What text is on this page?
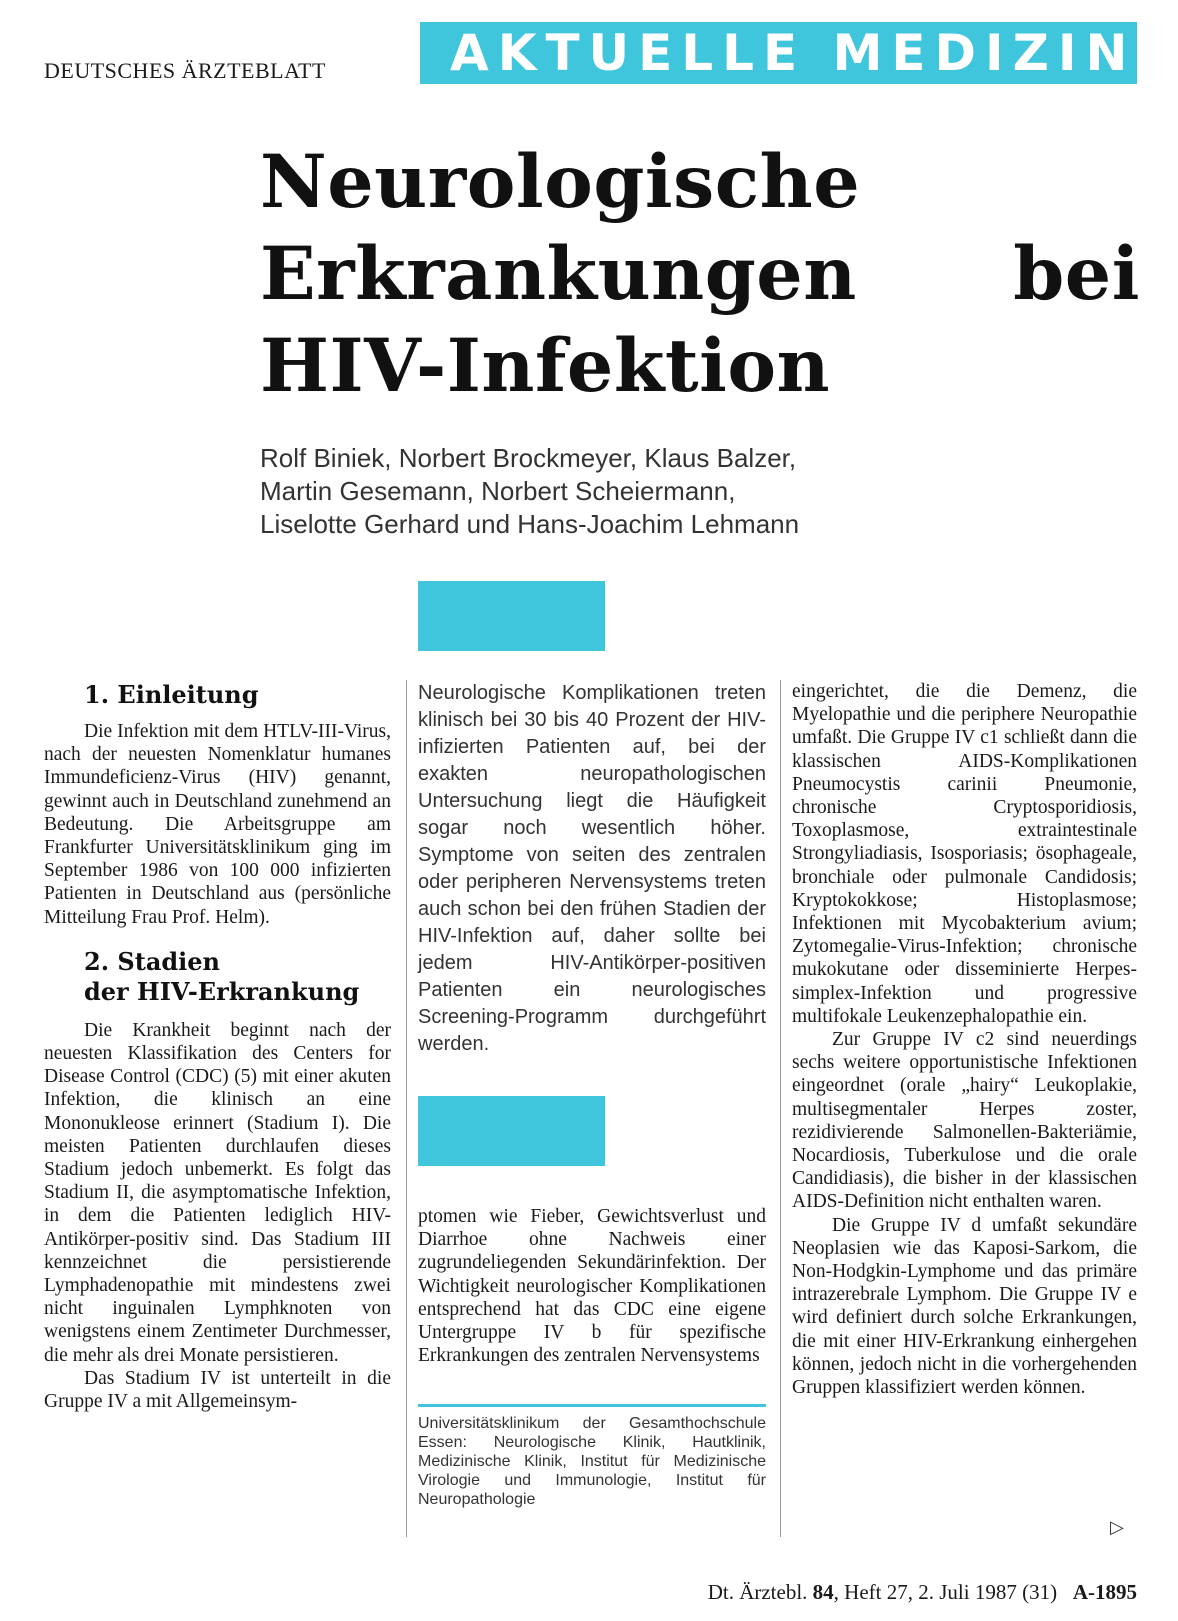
DEUTSCHES ÄRZTEBLATT AKTUELLE MEDIZIN
Neurologische
Erkrankungen bei
HIV-Infektion
Rolf Biniek, Norbert Brockmeyer, Klaus Balzer,
Martin Gesemann, Norbert Scheiermann,
Liselotte Gerhard und Hans-Joachim Lehmann
1. Einleitung

Die Infektion mit dem HTLV-III-Virus, nach der neuesten Nomenklatur humanes Immundeficienz-Virus (HIV) genannt, gewinnt auch in Deutschland zunehmend an Bedeutung. Die Arbeitsgruppe am Frankfurter Universitätsklinikum ging im September 1986 von 100 000 infizierten Patienten in Deutschland aus (persönliche Mitteilung Frau Prof. Helm).

2. Stadien
der HIV-Erkrankung

Die Krankheit beginnt nach der neuesten Klassifikation des Centers for Disease Control (CDC) (5) mit einer akuten Infektion, die klinisch an eine Mononukleose erinnert (Stadium I). Die meisten Patienten durchlaufen dieses Stadium jedoch unbemerkt. Es folgt das Stadium II, die asymptomatische Infektion, in dem die Patienten lediglich HIV-Antikörper-positiv sind. Das Stadium III kennzeichnet die persistierende Lymphadenopathie mit mindestens zwei nicht inguinalen Lymphknoten von wenigstens einem Zentimeter Durchmesser, die mehr als drei Monate persistieren.

Das Stadium IV ist unterteilt in die Gruppe IV a mit Allgemeinsym-

Neurologische Komplikationen treten klinisch bei 30 bis 40 Prozent der HIV-infizierten Patienten auf, bei der exakten neuropathologischen Untersuchung liegt die Häufigkeit sogar noch wesentlich höher. Symptome von seiten des zentralen oder peripheren Nervensystems treten auch schon bei den frühen Stadien der HIV-Infektion auf, daher sollte bei jedem HIV-Antikörper-positiven Patienten ein neurologisches Screening-Programm durchgeführt werden.

ptomen wie Fieber, Gewichtsverlust und Diarrhoe ohne Nachweis einer zugrundeliegenden Sekundärinfektion. Der Wichtigkeit neurologischer Komplikationen entsprechend hat das CDC eine eigene Untergruppe IV b für spezifische Erkrankungen des zentralen Nervensystems

Universitätsklinikum der Gesamthochschule Essen: Neurologische Klinik, Hautklinik, Medizinische Klinik, Institut für Medizinische Virologie und Immunologie, Institut für Neuropathologie

eingerichtet, die die Demenz, die Myelopathie und die periphere Neuropathie umfaßt. Die Gruppe IV c1 schließt dann die klassischen AIDS-Komplikationen Pneumocystis carinii Pneumonie, chronische Cryptosporidiosis, Toxoplasmose, extraintestinale Strongyliadiasis, Isosporiasis; ösophageale, bronchiale oder pulmonale Candidosis; Kryptokokkose; Histoplasmose; Infektionen mit Mycobakterium avium; Zytomegalie-Virus-Infektion; chronische mukokutane oder disseminierte Herpes-simplex-Infektion und progressive multifokale Leukenzephalopathie ein.

Zur Gruppe IV c2 sind neuerdings sechs weitere opportunistische Infektionen eingeordnet (orale „hairy“ Leukoplakie, multisegmentaler Herpes zoster, rezidivierende Salmonellen-Bakteriämie, Nocardiosis, Tuberkulose und die orale Candidiasis), die bisher in der klassischen AIDS-Definition nicht enthalten waren.

Die Gruppe IV d umfaßt sekundäre Neoplasien wie das Kaposi-Sarkom, die Non-Hodgkin-Lymphome und das primäre intrazerebrale Lymphom. Die Gruppe IV e wird definiert durch solche Erkrankungen, die mit einer HIV-Erkrankung einhergehen können, jedoch nicht in die vorhergehenden Gruppen klassifiziert werden können.

▷
Dt. Ärztebl. 84, Heft 27, 2. Juli 1987 (31) A-1895
